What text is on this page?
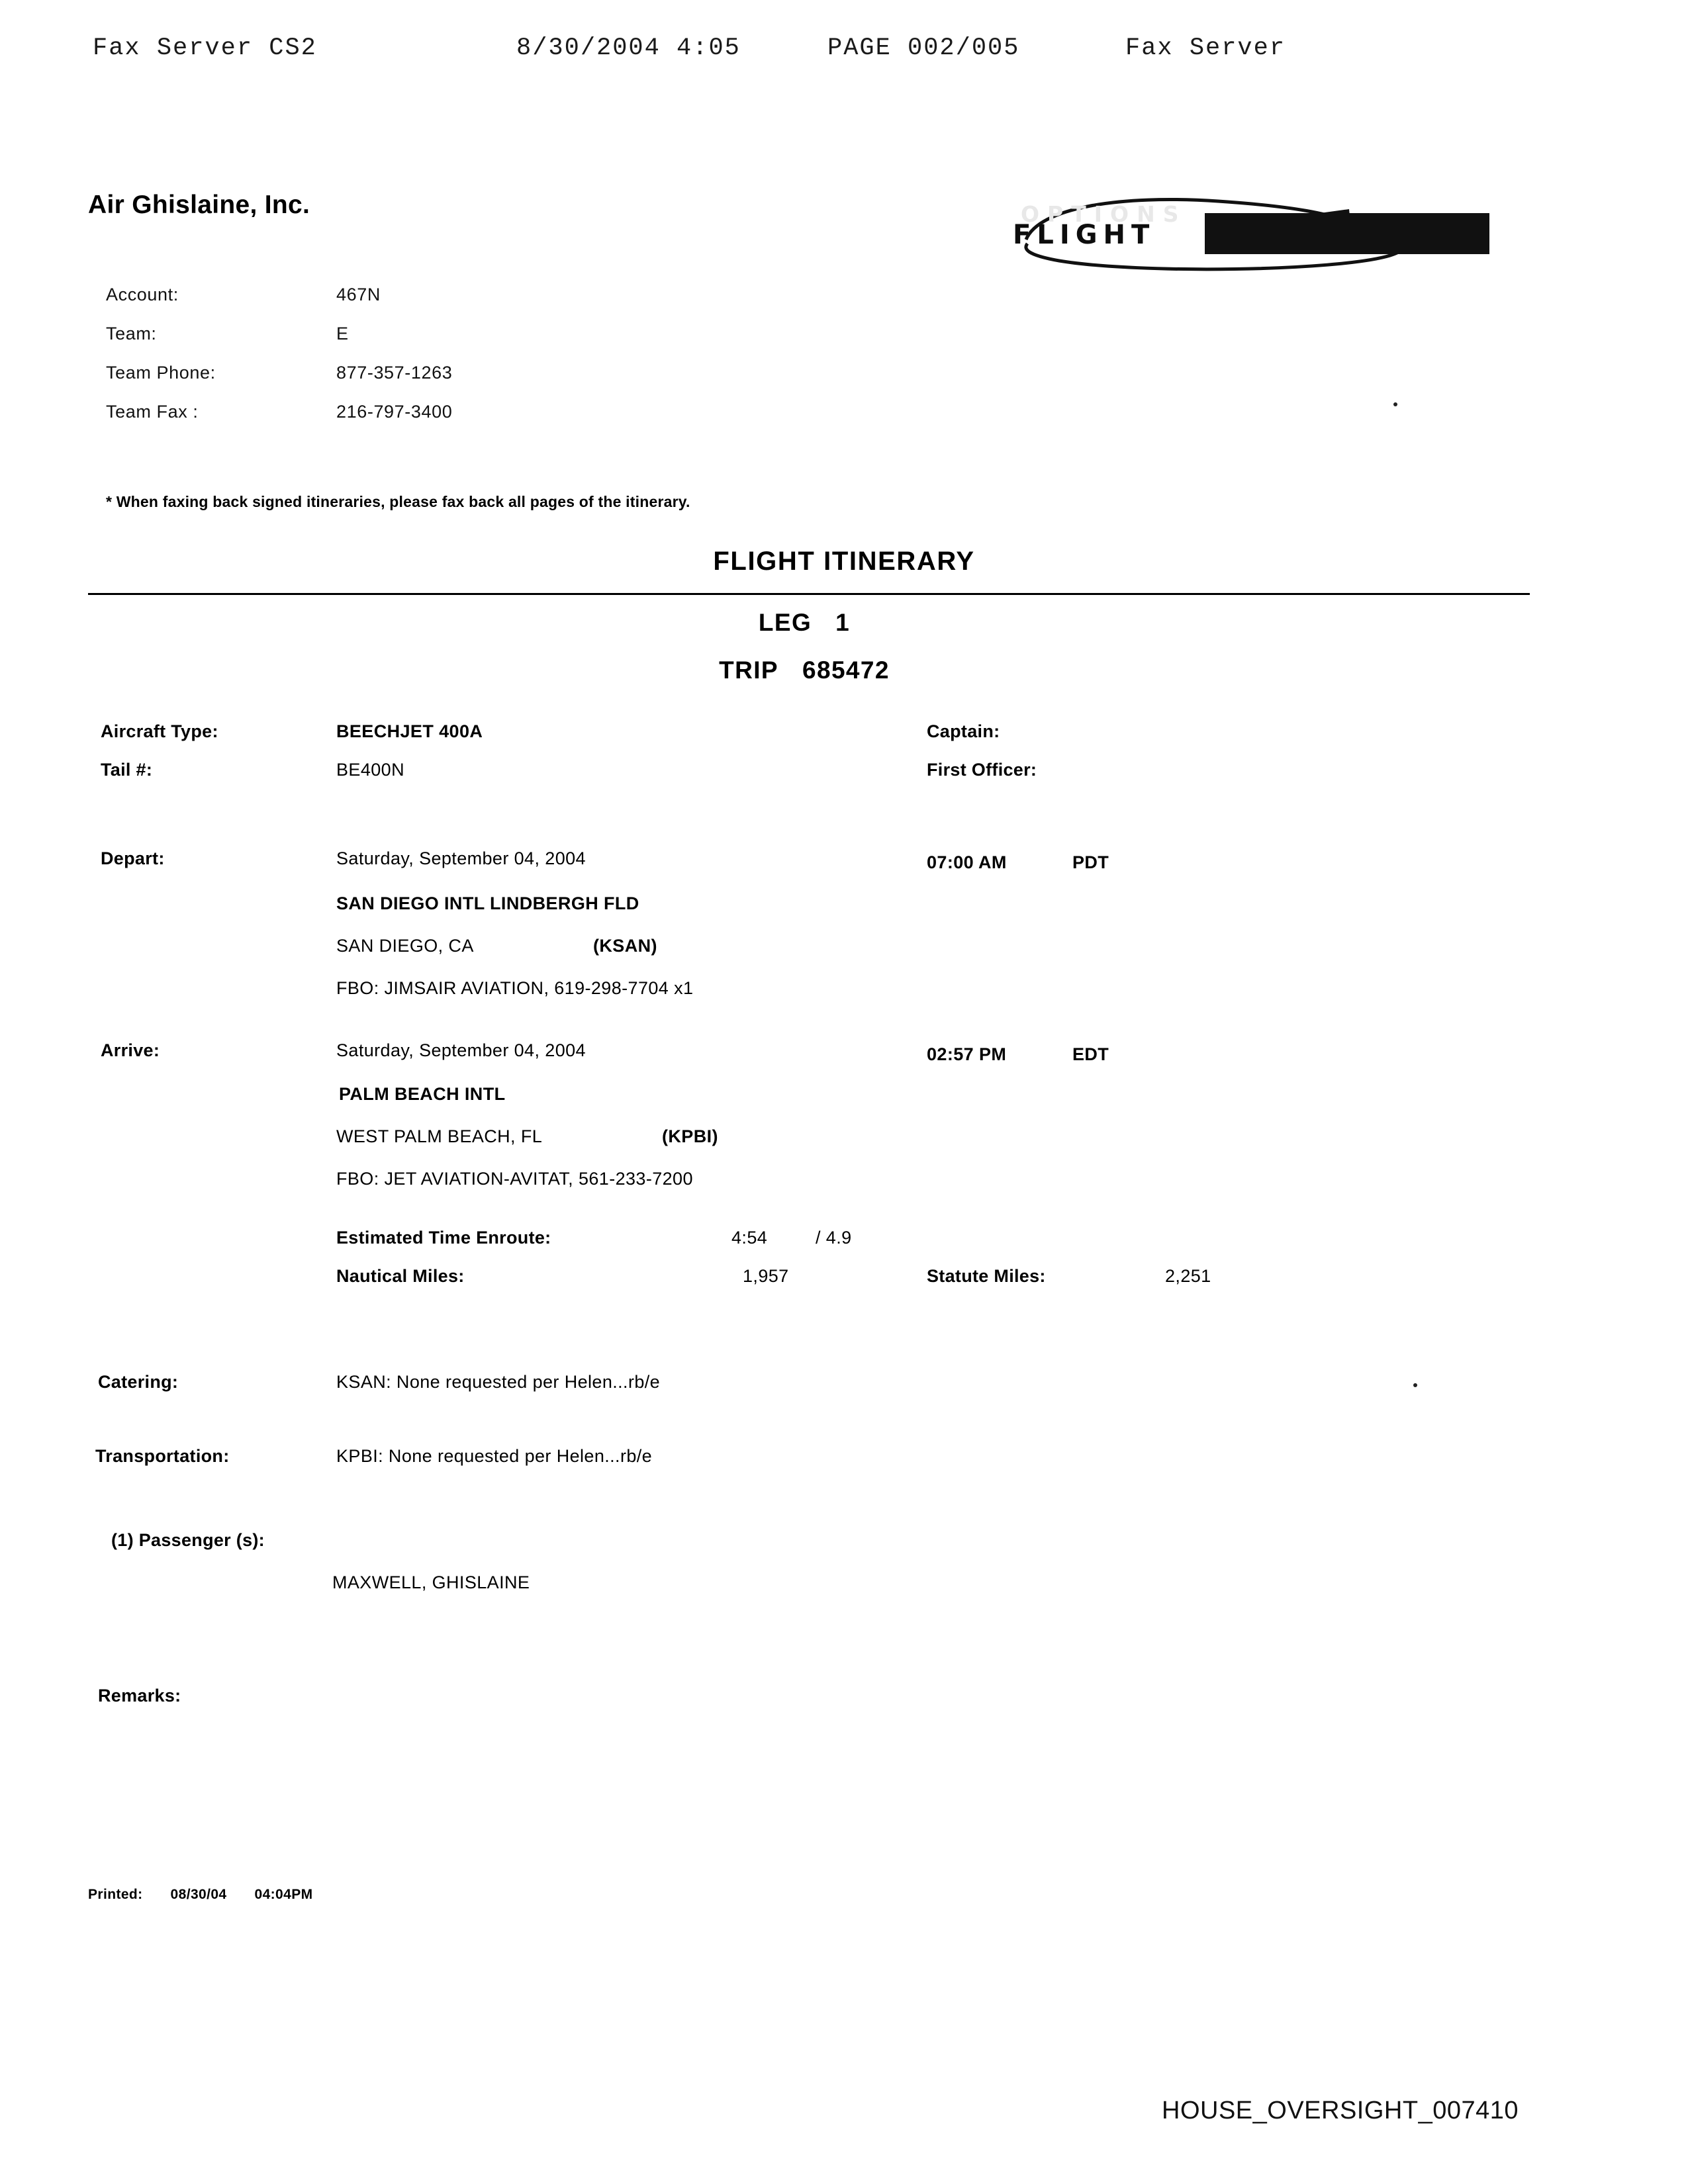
Fax Server CS2	8/30/2004 4:05	PAGE 002/005	Fax Server
Air Ghislaine, Inc.
Account:	467N
Team:	E
Team Phone:	877-357-1263
Team Fax :	216-797-3400
* When faxing back signed itineraries, please fax back all pages of the itinerary.
FLIGHT
OPTIONS
FLIGHT ITINERARY
LEG 1
TRIP 685472
Aircraft Type:	BEECHJET 400A
Tail #:	BE400N
Captain:
First Officer:
Depart:	Saturday, September 04, 2004	07:00 AM	PDT
SAN DIEGO INTL LINDBERGH FLD
SAN DIEGO, CA	(KSAN)
FBO: JIMSAIR AVIATION, 619-298-7704 x1
Arrive:	Saturday, September 04, 2004	02:57 PM	EDT
PALM BEACH INTL
WEST PALM BEACH, FL	(KPBI)
FBO: JET AVIATION-AVITAT, 561-233-7200
Estimated Time Enroute:	4:54	/ 4.9
Nautical Miles:	1,957	Statute Miles:	2,251
Catering:	KSAN: None requested per Helen...rb/e
Transportation:	KPBI: None requested per Helen...rb/e
(1) Passenger (s):
MAXWELL, GHISLAINE
Remarks:
Printed: 08/30/04 04:04PM
HOUSE_OVERSIGHT_007410
